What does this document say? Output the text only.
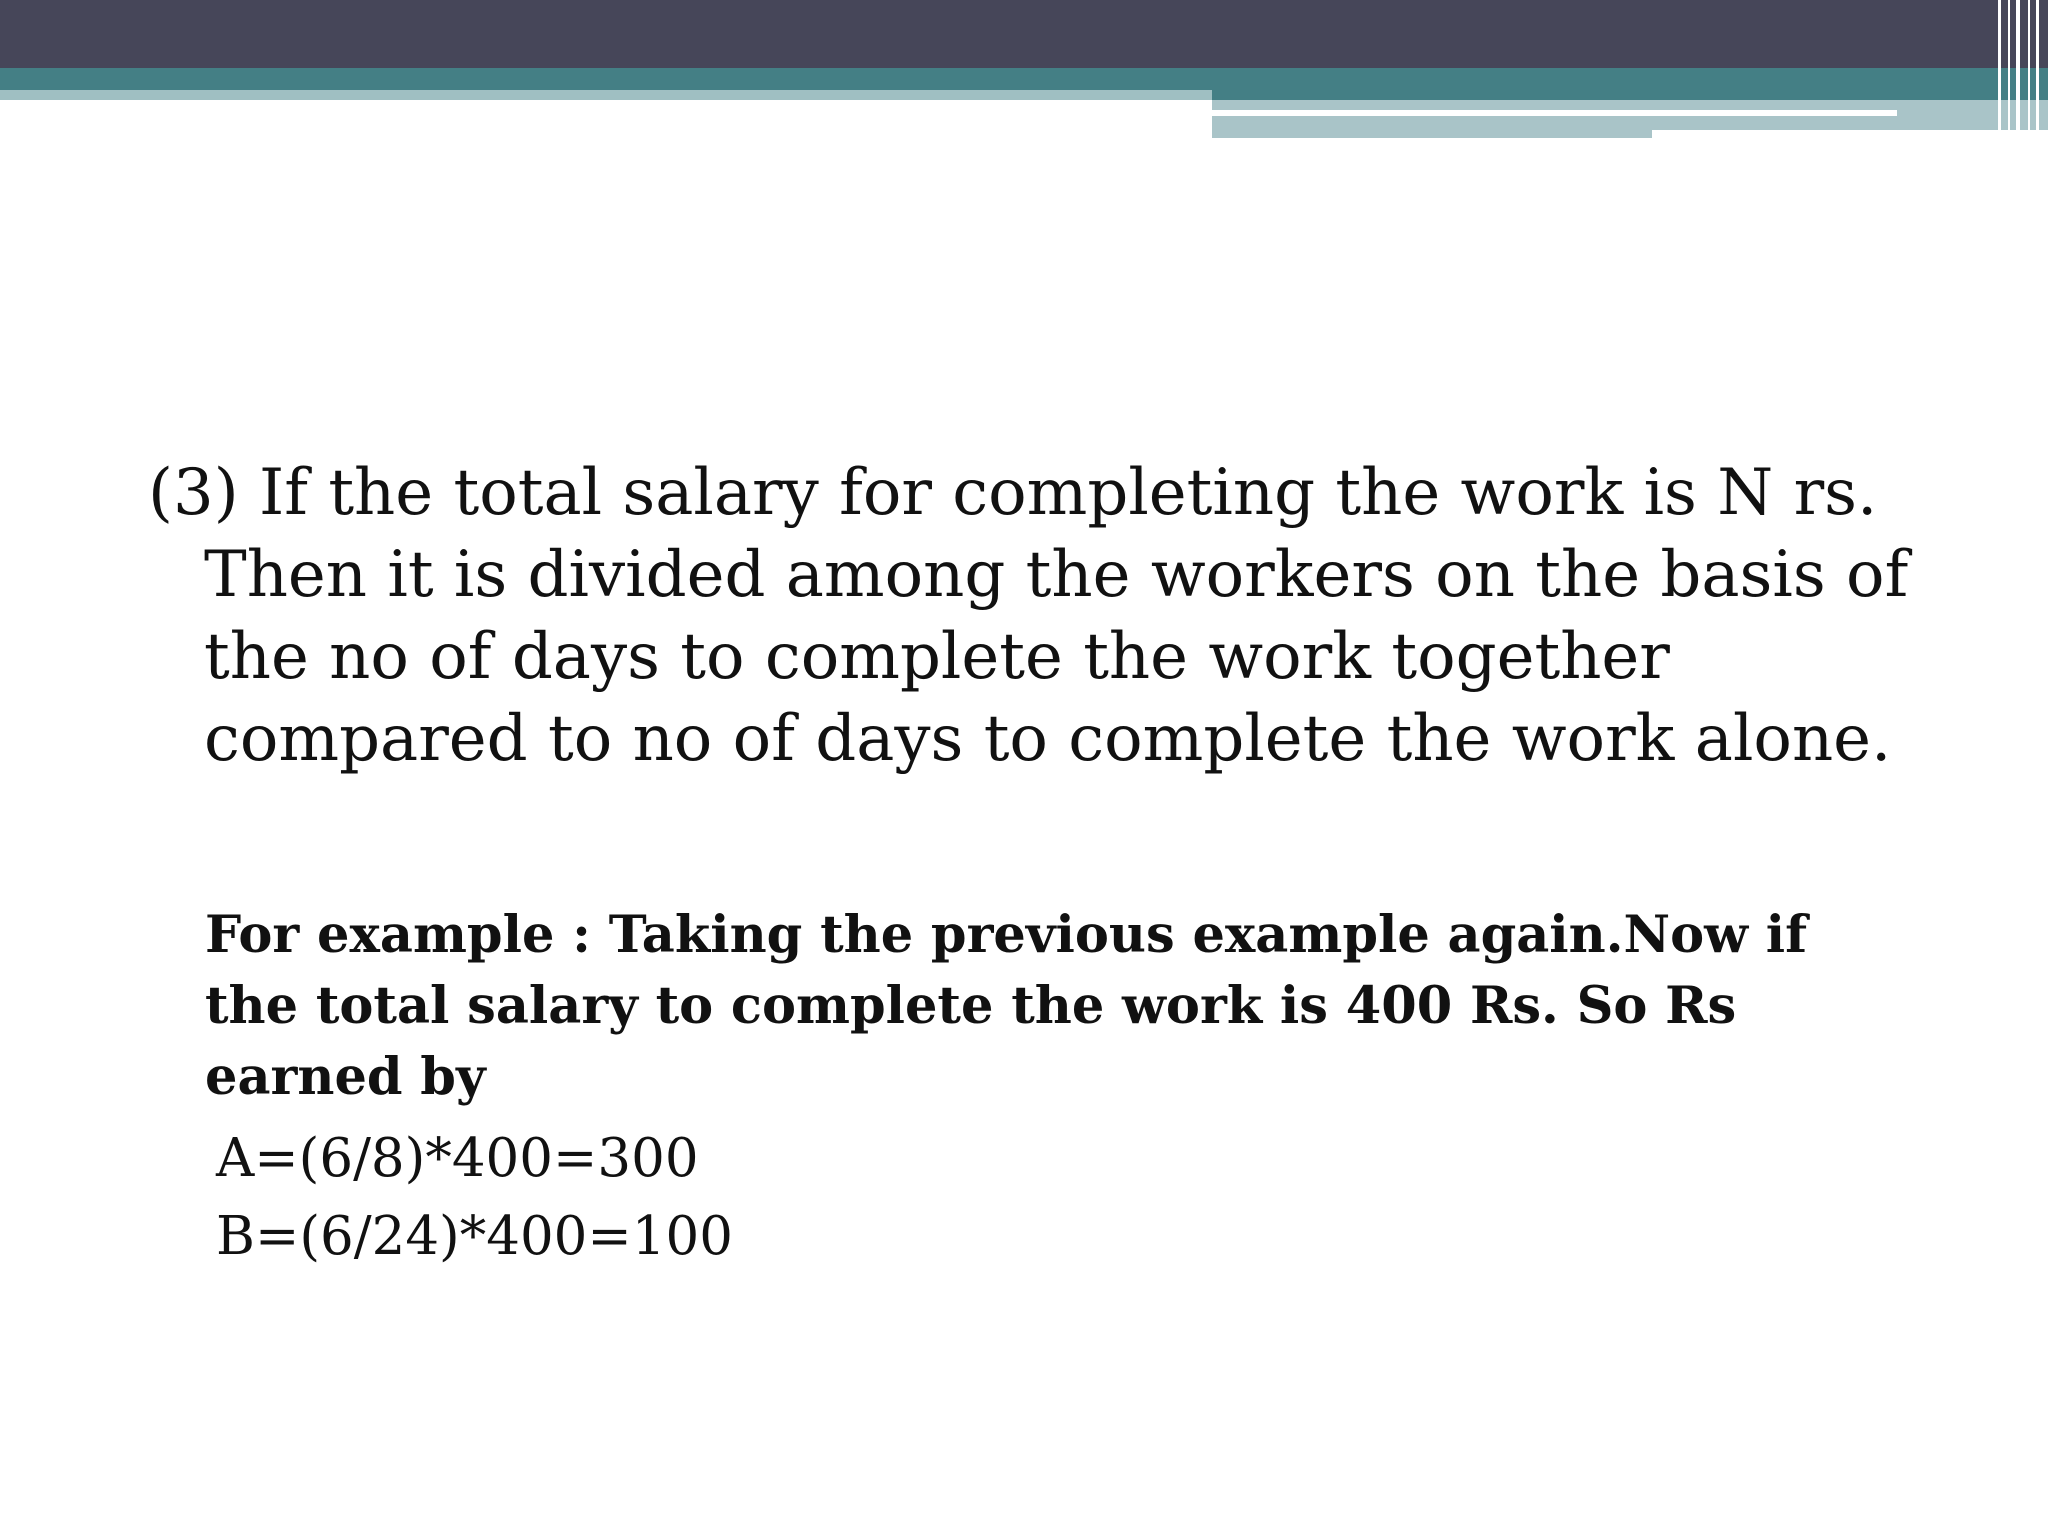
(3) If the total salary for completing the work is N rs. Then it is divided among the workers on the basis of the no of days to complete the work together compared to no of days to complete the work alone.

For example : Taking the previous example again.Now if the total salary to complete the work is 400 Rs. So Rs earned by

A=(6/8)*400=300

B=(6/24)*400=100
